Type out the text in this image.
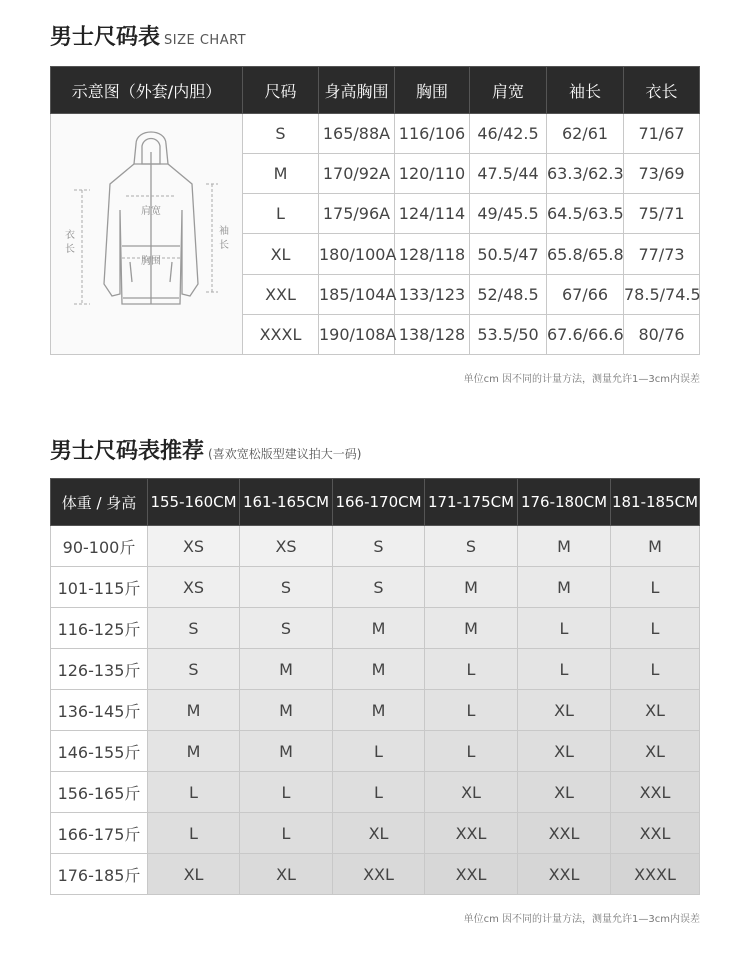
男士尺码表 SIZE CHART
示意图（外套/内胆）	尺码	身高胸围	胸围	肩宽	袖长	衣长

肩宽
胸围
衣长
袖长	S	165/88A	116/106	46/42.5	62/61	71/67
	M	170/92A	120/110	47.5/44	63.3/62.3	73/69
	L	175/96A	124/114	49/45.5	64.5/63.5	75/71
	XL	180/100A	128/118	50.5/47	65.8/65.8	77/73
	XXL	185/104A	133/123	52/48.5	67/66	78.5/74.5
	XXXL	190/108A	138/128	53.5/50	67.6/66.6	80/76
单位cm 因不同的计量方法，测量允许1—3cm内误差
男士尺码表推荐 (喜欢宽松版型建议拍大一码)
体重 / 身高	155-160CM	161-165CM	166-170CM	171-175CM	176-180CM	181-185CM
90-100斤	XS	XS	S	S	M	M
101-115斤	XS	S	S	M	M	L
116-125斤	S	S	M	M	L	L
126-135斤	S	M	M	L	L	L
136-145斤	M	M	M	L	XL	XL
146-155斤	M	M	L	L	XL	XL
156-165斤	L	L	L	XL	XL	XXL
166-175斤	L	L	XL	XXL	XXL	XXL
176-185斤	XL	XL	XXL	XXL	XXL	XXXL
单位cm 因不同的计量方法，测量允许1—3cm内误差
